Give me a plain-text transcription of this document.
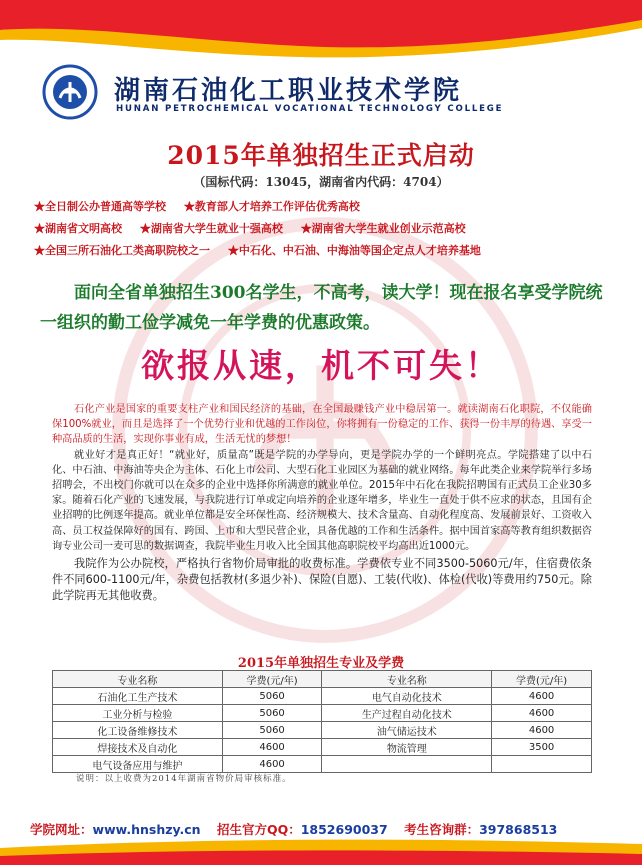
湖南石油化工职业技术学院
HUNAN PETROCHEMICAL VOCATIONAL TECHNOLOGY COLLEGE
2015年单独招生正式启动
（国标代码：13045，湖南省内代码：4704）
★全日制公办普通高等学校 ★教育部人才培养工作评估优秀高校
★湖南省文明高校 ★湖南省大学生就业十强高校 ★湖南省大学生就业创业示范高校
★全国三所石油化工类高职院校之一 ★中石化、中石油、中海油等国企定点人才培养基地
面向全省单独招生300名学生，不高考，读大学！现在报名享受学院统一组织的勤工俭学减免一年学费的优惠政策。
欲报从速，机不可失！

石化产业是国家的重要支柱产业和国民经济的基础，在全国最赚钱产业中稳居第一。就读湖南石化职院，不仅能确保100%就业，而且是选择了一个优势行业和优越的工作岗位，你将拥有一份稳定的工作、获得一份丰厚的待遇、享受一种高品质的生活，实现你事业有成，生活无忧的梦想！

就业好才是真正好！“就业好，质量高”既是学院的办学导向，更是学院办学的一个鲜明亮点。学院搭建了以中石化、中石油、中海油等央企为主体、石化上市公司、大型石化工业园区为基础的就业网络。每年此类企业来学院举行多场招聘会，不出校门你就可以在众多的企业中选择你所满意的就业单位。2015年中石化在我院招聘国有正式员工企业30多家。随着石化产业的飞速发展，与我院进行订单或定向培养的企业逐年增多，毕业生一直处于供不应求的状态，且国有企业招聘的比例逐年提高。就业单位都是安全环保性高、经济规模大、技术含量高、自动化程度高、发展前景好、工资收入高、员工权益保障好的国有、跨国、上市和大型民营企业，具备优越的工作和生活条件。据中国首家高等教育组织数据咨询专业公司一麦可思的数据调查，我院毕业生月收入比全国其他高职院校平均高出近1000元。

我院作为公办院校，严格执行省物价局审批的收费标准。学费依专业不同3500-5060元/年，住宿费依条件不同600-1100元/年，杂费包括教材(多退少补)、保险(自愿)、工装(代收)、体检(代收)等费用约750元。除此学院再无其他收费。

2015年单独招生专业及学费
专业名称	学费(元/年)	专业名称	学费(元/年)
石油化工生产技术	5060	电气自动化技术	4600
工业分析与检验	5060	生产过程自动化技术	4600
化工设备维修技术	5060	油气储运技术	4600
焊接技术及自动化	4600	物流管理	3500
电气设备应用与维护	4600		
说明：以上收费为2014年湖南省物价局审核标准。
学院网址：www.hnshzy.cn 招生官方QQ：1852690037 考生咨询群：397868513
